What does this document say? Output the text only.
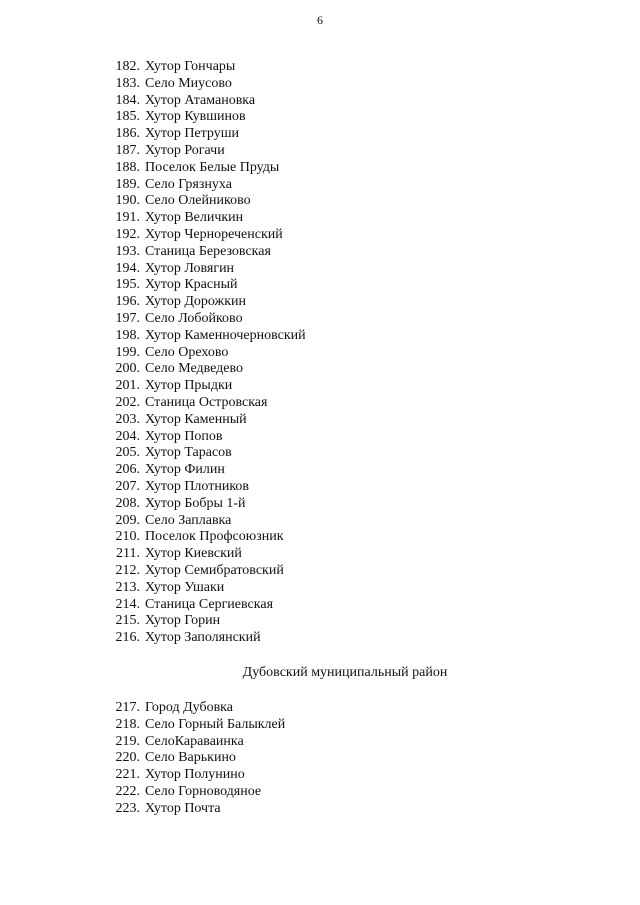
6
182. Хутор Гончары
183. Село Миусово
184. Хутор Атамановка
185. Хутор Кувшинов
186. Хутор Петруши
187. Хутор Рогачи
188. Поселок Белые Пруды
189. Село Грязнуха
190. Село Олейниково
191. Хутор Величкин
192. Хутор Чернореченский
193. Станица Березовская
194. Хутор Ловягин
195. Хутор Красный
196. Хутор Дорожкин
197. Село Лобойково
198. Хутор Каменночерновский
199. Село Орехово
200. Село Медведево
201. Хутор Прыдки
202. Станица Островская
203. Хутор Каменный
204. Хутор Попов
205. Хутор Тарасов
206. Хутор Филин
207. Хутор Плотников
208. Хутор Бобры 1-й
209. Село Заплавка
210. Поселок Профсоюзник
211. Хутор Киевский
212. Хутор Семибратовский
213. Хутор Ушаки
214. Станица Сергиевская
215. Хутор Горин
216. Хутор Заполянский
Дубовский муниципальный район
217. Город Дубовка
218. Село Горный Балыклей
219. СелоКараваинка
220. Село Варькино
221. Хутор Полунино
222. Село Горноводяное
223. Хутор Почта
